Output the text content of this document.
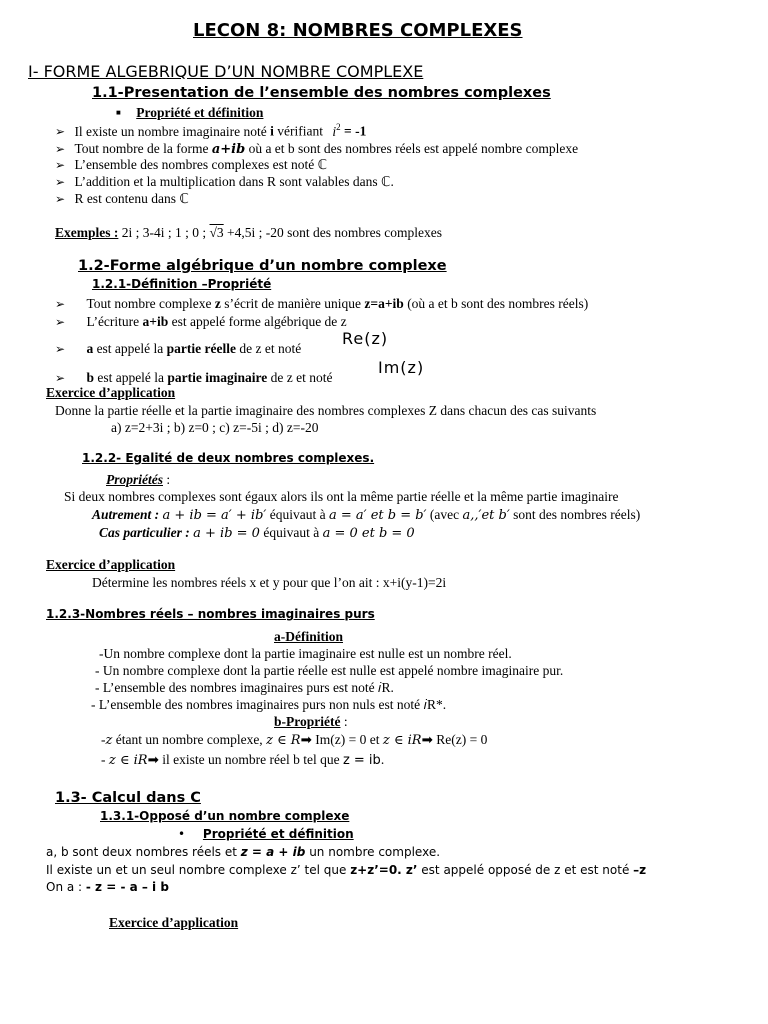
LECON 8: NOMBRES COMPLEXES
I- FORME ALGEBRIQUE D’UN NOMBRE COMPLEXE
1.1-Presentation de l’ensemble des nombres complexes
■ Propriété et définition
➢ Il existe un nombre imaginaire noté i vérifiant $i^2 = -1$
➢ Tout nombre de la forme a+ib où a et b sont des nombres réels est appelé nombre complexe
➢ L’ensemble des nombres complexes est noté ℂ
➢ L’addition et la multiplication dans R sont valables dans ℂ.
➢ R est contenu dans ℂ
Exemples : 2i ; 3-4i ; 1 ; 0 ; √3 +4,5i ; -20 sont des nombres complexes
1.2-Forme algébrique d’un nombre complexe
1.2.1-Définition –Propriété
➢ Tout nombre complexe z s’écrit de manière unique z=a+ib (où a et b sont des nombres réels)
➢ L’écriture a+ib est appelé forme algébrique de z
➢ a est appelé la partie réelle de z et noté
Re(z)
➢ b est appelé la partie imaginaire de z et noté
Im(z)
Exercice d’application
Donne la partie réelle et la partie imaginaire des nombres complexes Z dans chacun des cas suivants
a) z=2+3i ; b) z=0 ; c) z=-5i ; d) z=-20
1.2.2- Egalité de deux nombres complexes.
Propriétés :
Si deux nombres complexes sont égaux alors ils ont la même partie réelle et la même partie imaginaire
Autrement : a + ib = a′ + ib′ équivaut à a = a′ et b = b′ (avec a,,′et b′ sont des nombres réels)
Cas particulier : a + ib = 0 équivaut à a = 0 et b = 0
Exercice d’application
Détermine les nombres réels x et y pour que l’on ait : x+i(y-1)=2i
1.2.3-Nombres réels – nombres imaginaires purs
a-Définition
-Un nombre complexe dont la partie imaginaire est nulle est un nombre réel.
- Un nombre complexe dont la partie réelle est nulle est appelé nombre imaginaire pur.
- L’ensemble des nombres imaginaires purs est noté 𝑖R.
- L’ensemble des nombres imaginaires purs non nuls est noté 𝑖R*.
b-Propriété :
-z étant un nombre complexe, z ∈ R➡ Im(z) = 0 et z ∈ iR➡ Re(z) = 0
- z ∈ iR➡ il existe un nombre réel b tel que z = ib.
1.3- Calcul dans C
1.3.1-Opposé d’un nombre complexe
• Propriété et définition
a, b sont deux nombres réels et z = a + ib un nombre complexe.
Il existe un et un seul nombre complexe z’ tel que z+z’=0. z’ est appelé opposé de z et est noté –z
On a : - z = - a – i b
Exercice d’application
